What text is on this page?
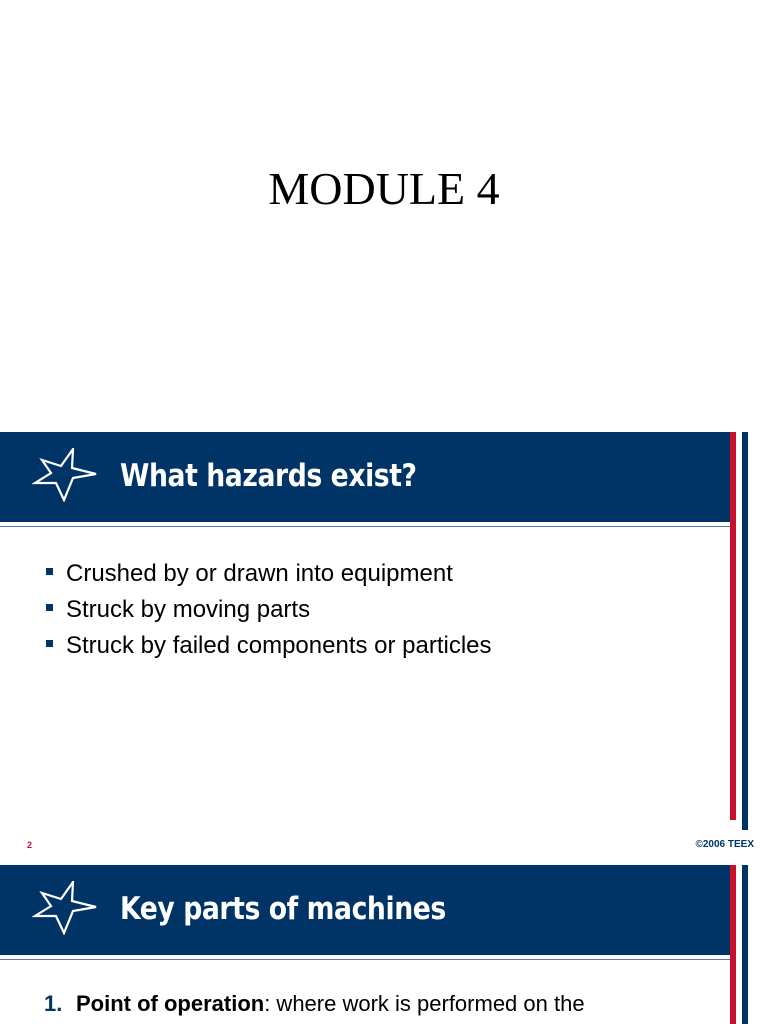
MODULE 4
What hazards exist?
Crushed by or drawn into equipment
Struck by moving parts
Struck by failed components or particles
2	©2006 TEEX
Key parts of machines
1. Point of operation: where work is performed on the
